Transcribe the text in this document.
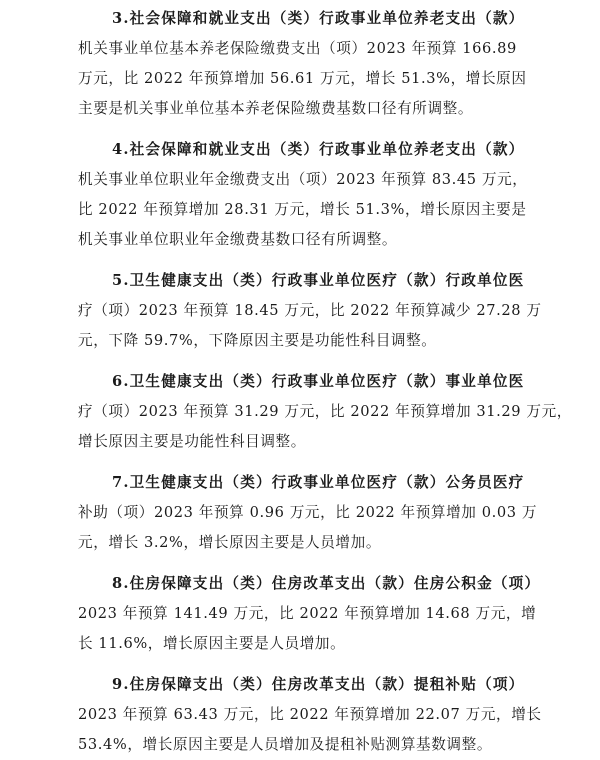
3.社会保障和就业支出（类）行政事业单位养老支出（款）
机关事业单位基本养老保险缴费支出（项）2023 年预算 166.89
万元，比 2022 年预算增加 56.61 万元，增长 51.3%，增长原因
主要是机关事业单位基本养老保险缴费基数口径有所调整。
4.社会保障和就业支出（类）行政事业单位养老支出（款）
机关事业单位职业年金缴费支出（项）2023 年预算 83.45 万元，
比 2022 年预算增加 28.31 万元，增长 51.3%，增长原因主要是
机关事业单位职业年金缴费基数口径有所调整。
5.卫生健康支出（类）行政事业单位医疗（款）行政单位医
疗（项）2023 年预算 18.45 万元，比 2022 年预算减少 27.28 万
元，下降 59.7%，下降原因主要是功能性科目调整。
6.卫生健康支出（类）行政事业单位医疗（款）事业单位医
疗（项）2023 年预算 31.29 万元，比 2022 年预算增加 31.29 万元，
增长原因主要是功能性科目调整。
7.卫生健康支出（类）行政事业单位医疗（款）公务员医疗
补助（项）2023 年预算 0.96 万元，比 2022 年预算增加 0.03 万
元，增长 3.2%，增长原因主要是人员增加。
8.住房保障支出（类）住房改革支出（款）住房公积金（项）
2023 年预算 141.49 万元，比 2022 年预算增加 14.68 万元，增
长 11.6%，增长原因主要是人员增加。
9.住房保障支出（类）住房改革支出（款）提租补贴（项）
2023 年预算 63.43 万元，比 2022 年预算增加 22.07 万元，增长
53.4%，增长原因主要是人员增加及提租补贴测算基数调整。
